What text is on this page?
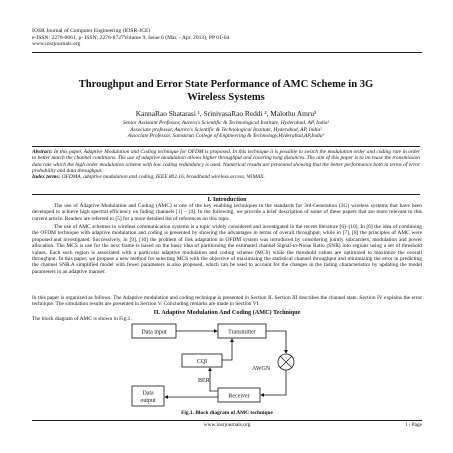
IOSR Journal of Computer Engineering (IOSR-JCE)
e-ISSN: 2278-0661, p- ISSN: 2278-8727Volume 9, Issue 6 (Mar. - Apr. 2013), PP 01-04
www.iosrjournals.org
Throughput and Error State Performance of AMC Scheme in 3G
Wireless Systems
KannaRao Shatarasi ¹, SrinivasaRao Reddi ², Malothu Amru³
Senior Assistant Professor, Aurora's Scientific & Technological Institute, Hyderabad, AP, India¹
Associate professor, Aurora's Scientific & Technological Institute, Hyderabad, AP, India²
Associate Professor, Samskruti College of Engineering & Technology,Hyderabad,AP,India³
Abstract: In this paper, Adaptive Modulation and Coding technique for OFDM is proposed. In this technique it is possible to switch the modulation order and coding rate in order to better match the channel conditions. The use of adaptive modulation allows higher throughput and covering long distances. The aim of this paper is to increase the transmission data rate which the high order modulation scheme with low coding redundancy is used. Numerical results are presented showing that the better performance both in terms of error probability and data throughput.
Index terms: OFDMA, adaptive modulation and coding, IEEE 802.16, broadband wireless access, WiMAX.
I. Introduction
The use of Adaptive Modulation and Coding (AMC) is one of the key enabling techniques in the standards for 3rd-Generation (3G) wireless systems that have been developed to achieve high spectral efficiency on fading channels [1] – [4]. In the following, we provide a brief description of some of these papers that are more relevant to this current article. Readers are referred to [5] for a more detailed list of references on this topic.
The use of AMC schemes in wireless communication systems is a topic widely considered and investigated in the recent literature [6]–[10]. In [6] the idea of combining the OFDM technique with adaptive modulation and coding is presented by showing the advantages in terms of overall throughput, while in [7], [8] the principles of AMC were proposed and investigated. Successively, in [9], [10] the problem of link adaptation in OFDM system was introduced by considering jointly subcarriers, modulation and power allocation. The MCS is use for the next frame is based on the basic idea of partitioning the estimated channel Signal-to-Noise Ratio (SNR) into regions using a set of threshold values. Each such region is associated with a particular adaptive modulation and coding scheme (MCS) while the threshold values are optimized to maximize the overall throughput. In this paper, we propose a new method for selecting MCS with the objective of maximizing the statistical channel throughput and minimizing the error in predicting the channel SNR.A simplified model with fewer parameters is also proposed, which can be used to account for the changes in the fading characteristics by updating the model parameters in an adaptive manner.
In this paper is organized as follows. The Adaptive modulation and coding technique is presented in Section II. Section III describes the channel state. Section IV explains the error technique. The simulation results are presented in Section V. Concluding remarks are made in Section VI.
II. Adaptive Modulation And Coding (AMC) Technique
The block diagram of AMC is shown in Fig.1.
Data input	Transmitter
CQI
AWGN
Data
output
Receiver
BER
Fig.1. Block diagram of AMC technique
www.iosrjournals.org	1 | Page
